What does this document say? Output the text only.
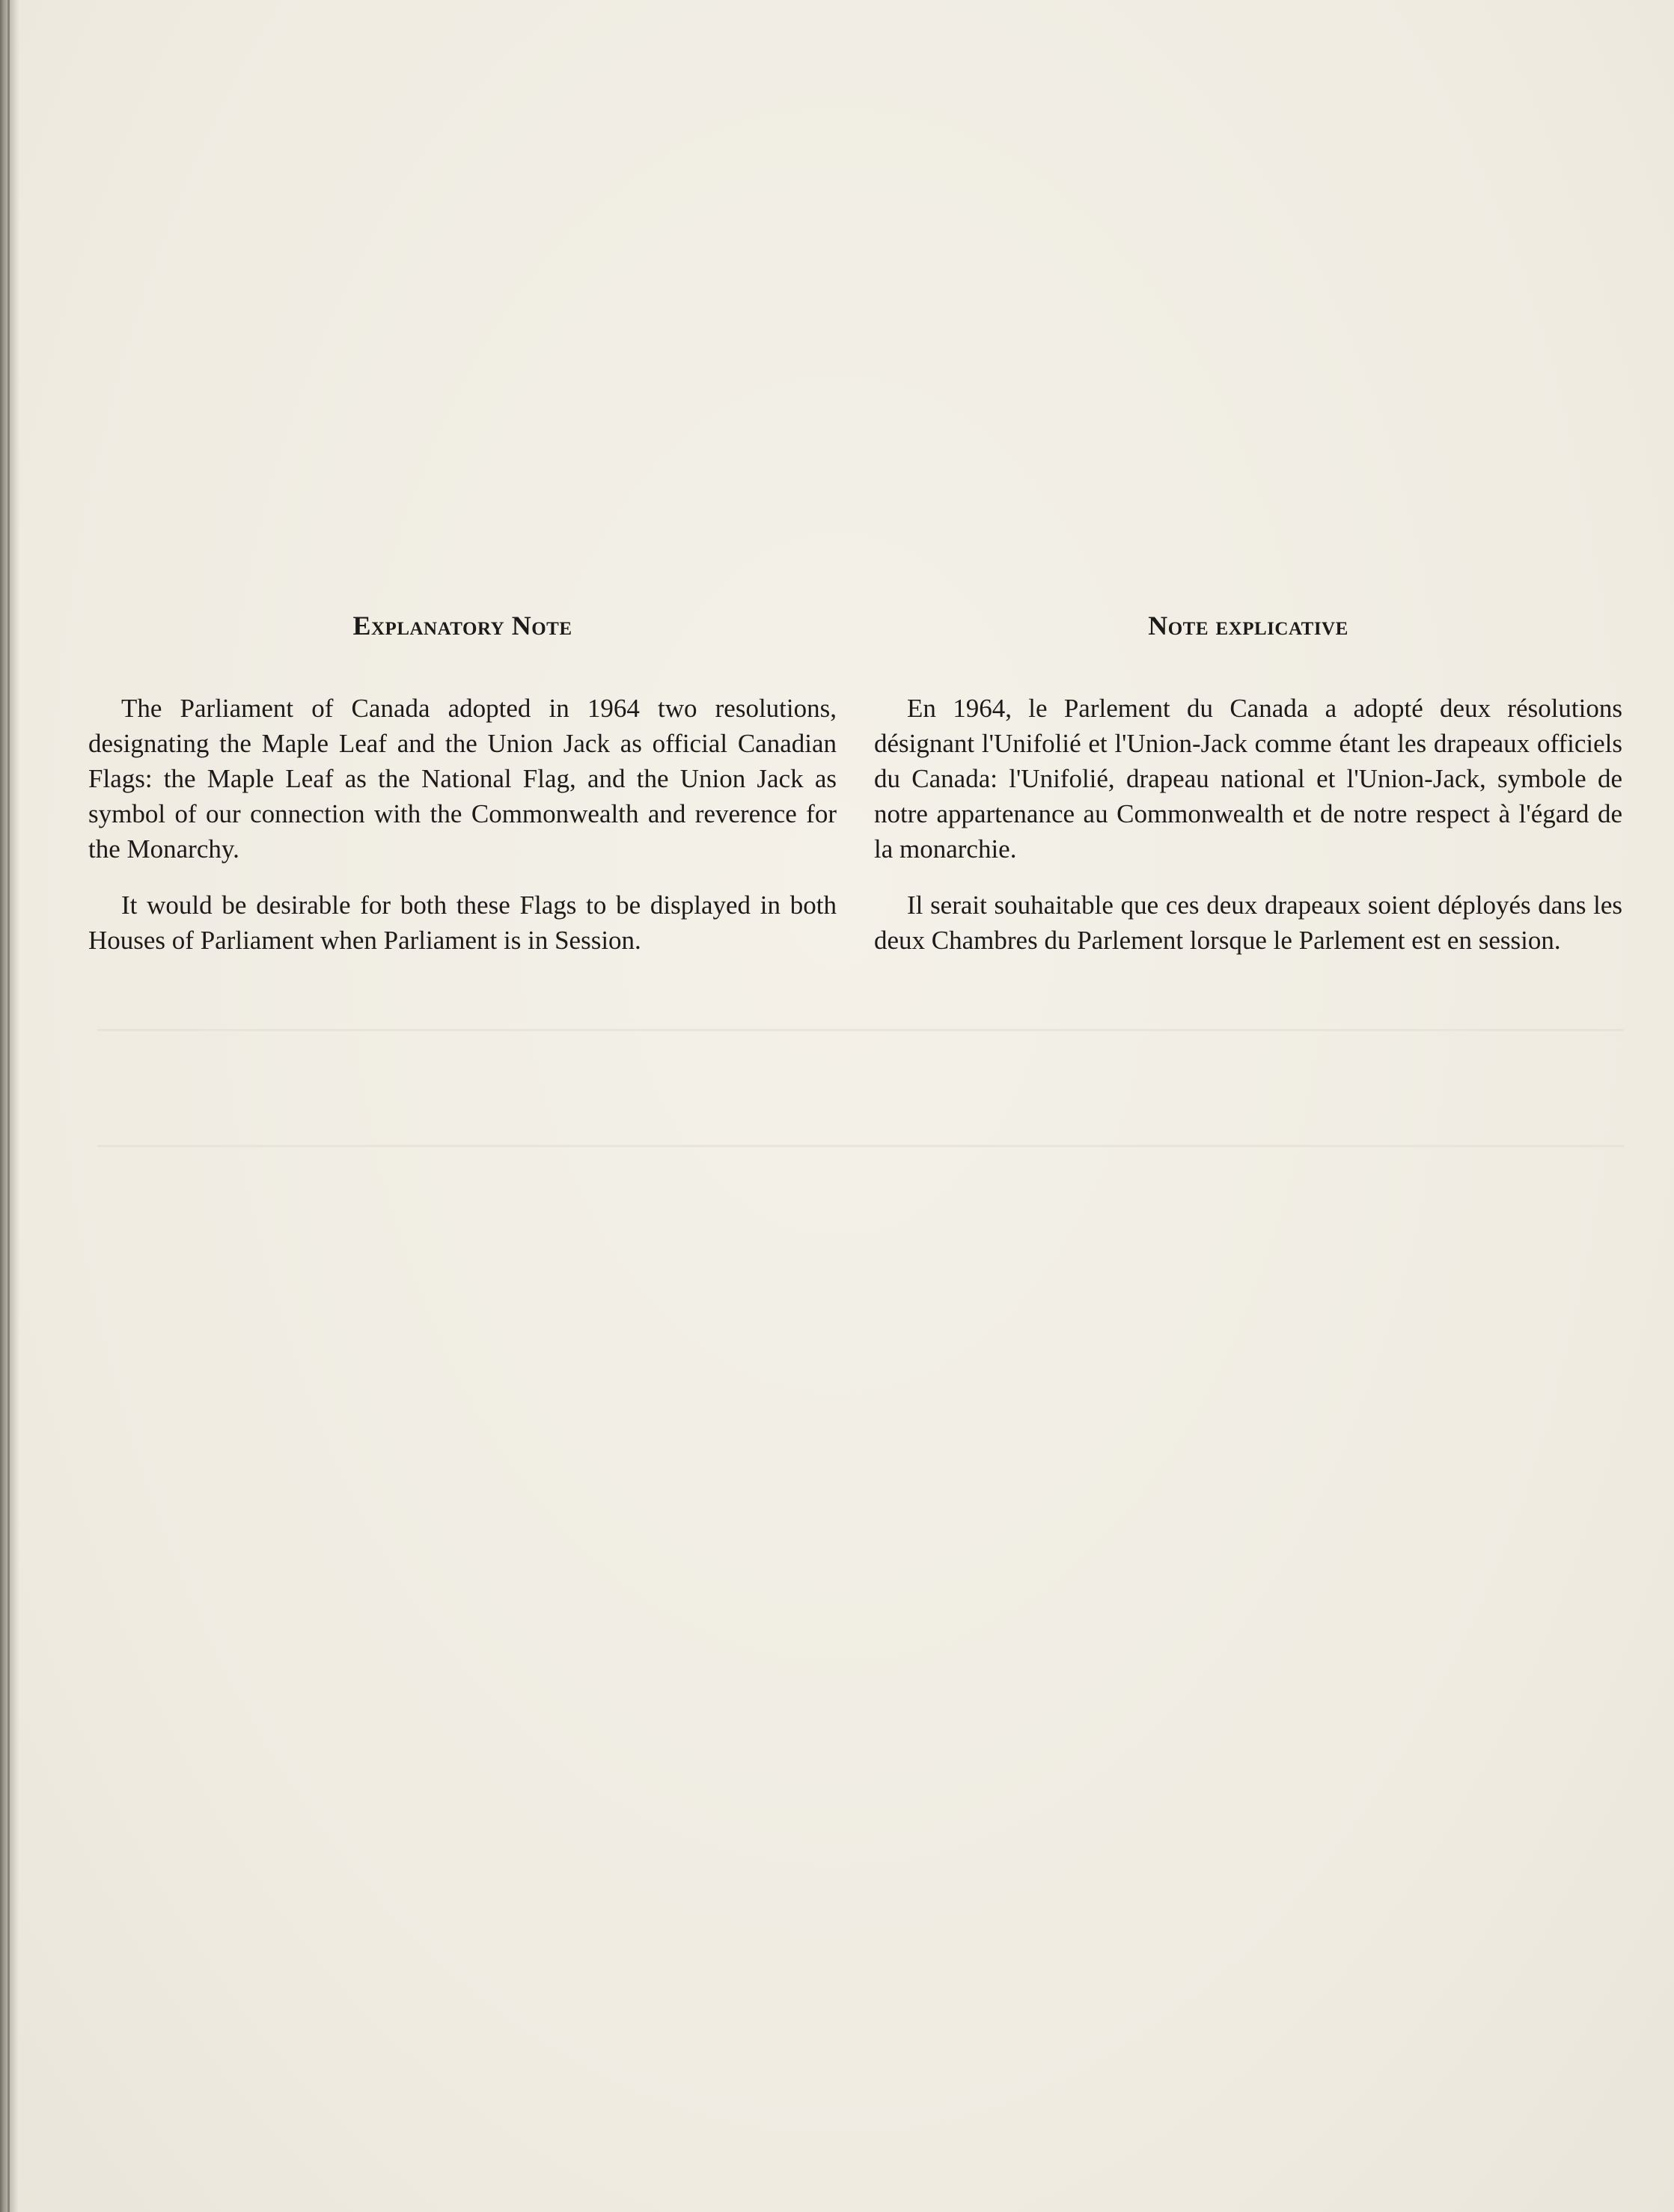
Explanatory Note

The Parliament of Canada adopted in 1964 two resolutions, designating the Maple Leaf and the Union Jack as official Canadian Flags: the Maple Leaf as the National Flag, and the Union Jack as symbol of our connection with the Commonwealth and reverence for the Monarchy.

It would be desirable for both these Flags to be displayed in both Houses of Parliament when Parliament is in Session.

Note explicative

En 1964, le Parlement du Canada a adopté deux résolutions désignant l'Unifolié et l'Union-Jack comme étant les drapeaux officiels du Canada: l'Unifolié, drapeau national et l'Union-Jack, symbole de notre appartenance au Commonwealth et de notre respect à l'égard de la monarchie.

Il serait souhaitable que ces deux drapeaux soient déployés dans les deux Chambres du Parlement lorsque le Parlement est en session.
